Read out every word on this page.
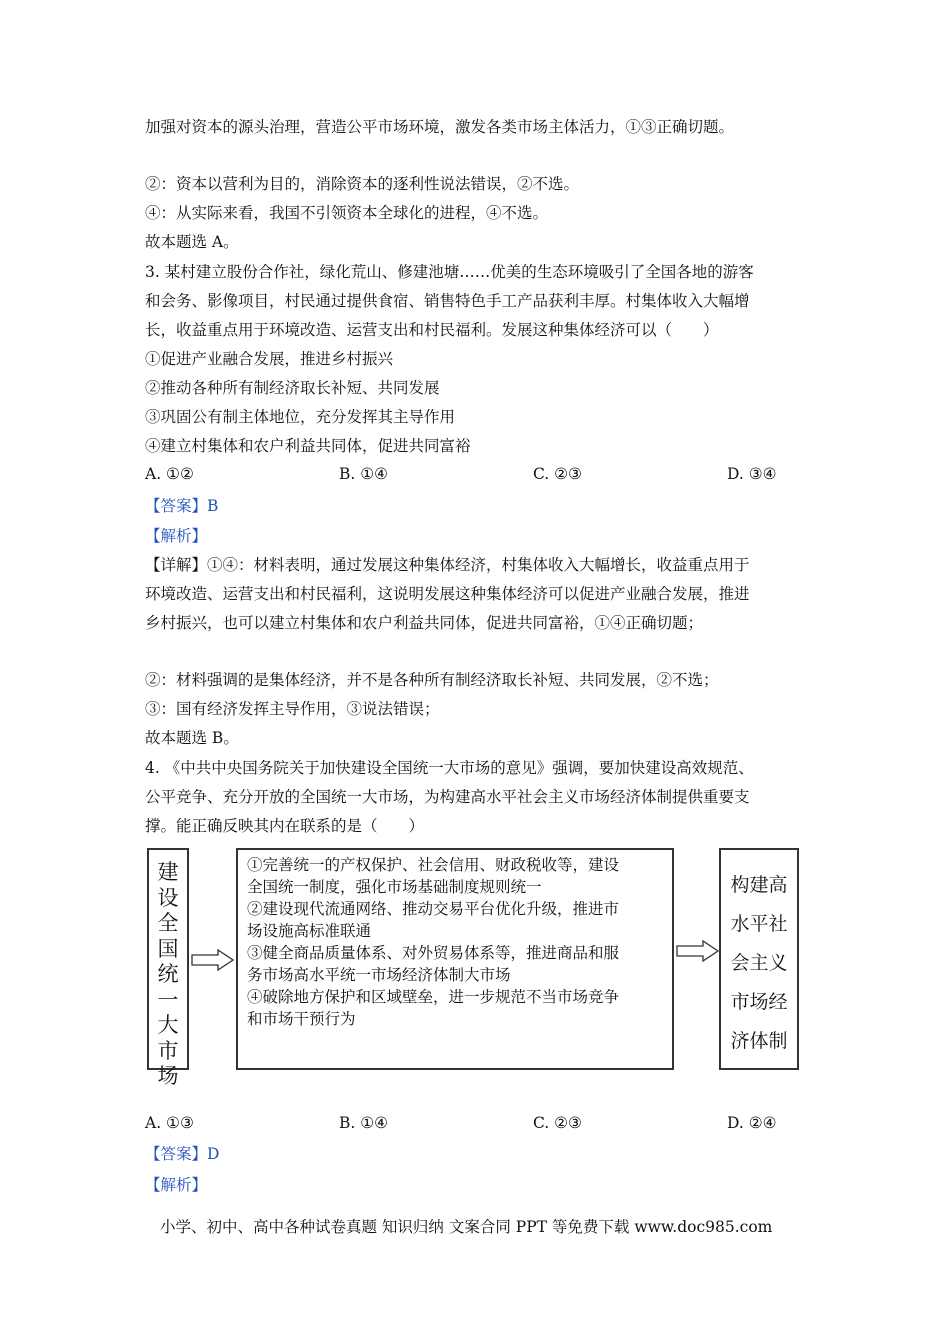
加强对资本的源头治理，营造公平市场环境，激发各类市场主体活力，①③正确切题。
②：资本以营利为目的，消除资本的逐利性说法错误，②不选。
④：从实际来看，我国不引领资本全球化的进程，④不选。
故本题选 A。
3. 某村建立股份合作社，绿化荒山、修建池塘……优美的生态环境吸引了全国各地的游客
和会务、影像项目，村民通过提供食宿、销售特色手工产品获利丰厚。村集体收入大幅增
长，收益重点用于环境改造、运营支出和村民福利。发展这种集体经济可以（　　）
①促进产业融合发展，推进乡村振兴
②推动各种所有制经济取长补短、共同发展
③巩固公有制主体地位，充分发挥其主导作用
④建立村集体和农户利益共同体，促进共同富裕
A. ①②	B. ①④	C. ②③	D. ③④
【答案】B
【解析】
【详解】①④：材料表明，通过发展这种集体经济，村集体收入大幅增长，收益重点用于
环境改造、运营支出和村民福利，这说明发展这种集体经济可以促进产业融合发展，推进
乡村振兴，也可以建立村集体和农户利益共同体，促进共同富裕，①④正确切题；
②：材料强调的是集体经济，并不是各种所有制经济取长补短、共同发展，②不选；
③：国有经济发挥主导作用，③说法错误；
故本题选 B。
4. 《中共中央国务院关于加快建设全国统一大市场的意见》强调，要加快建设高效规范、
公平竞争、充分开放的全国统一大市场，为构建高水平社会主义市场经济体制提供重要支
撑。能正确反映其内在联系的是（　　）
建
设
全
国
统
一
大
市
场
①完善统一的产权保护、社会信用、财政税收等，建设
全国统一制度，强化市场基础制度规则统一
②建设现代流通网络、推动交易平台优化升级，推进市
场设施高标准联通
③健全商品质量体系、对外贸易体系等，推进商品和服
务市场高水平统一市场经济体制大市场
④破除地方保护和区域壁垒，进一步规范不当市场竞争
和市场干预行为
构建高
水平社
会主义
市场经
济体制
A. ①③	B. ①④	C. ②③	D. ②④
【答案】D
【解析】
小学、初中、高中各种试卷真题 知识归纳 文案合同 PPT 等免费下载 www.doc985.com
